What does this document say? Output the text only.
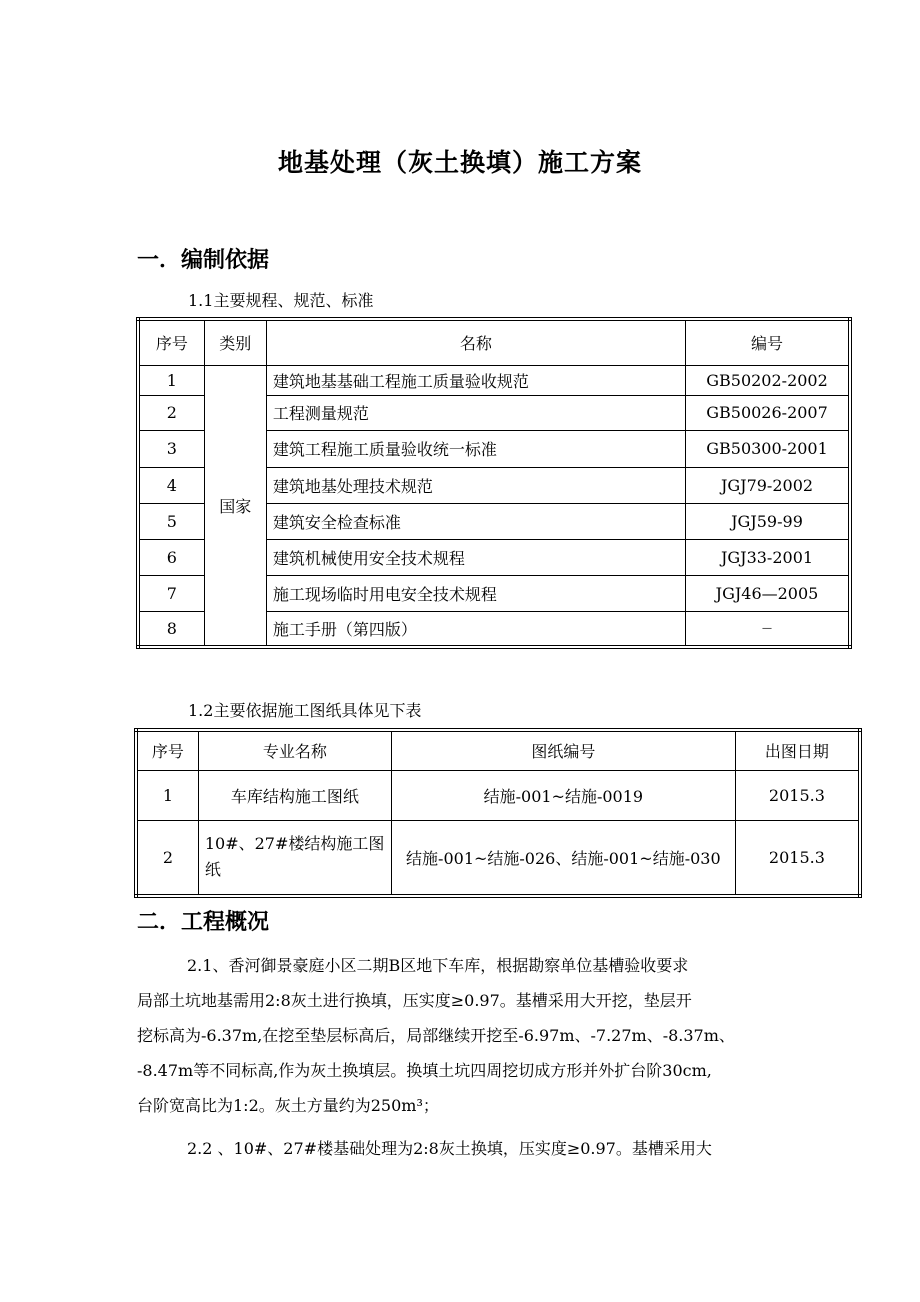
地基处理（灰土换填）施工方案
一．编制依据
1.1主要规程、规范、标准
序号	类别	名称	编号
1	国家	建筑地基基础工程施工质量验收规范	GB50202-2002
2		工程测量规范	GB50026-2007
3		建筑工程施工质量验收统一标准	GB50300-2001
4		建筑地基处理技术规范	JGJ79-2002
5		建筑安全检查标准	JGJ59-99
6		建筑机械使用安全技术规程	JGJ33-2001
7		施工现场临时用电安全技术规程	JGJ46—2005
8		施工手册（第四版）	—
1.2主要依据施工图纸具体见下表
序号	专业名称	图纸编号	出图日期
1	车库结构施工图纸	结施-001~结施-0019	2015.3
2	10#、27#楼结构施工图纸	结施-001~结施-026、结施-001~结施-030	2015.3
二．工程概况

2.1、香河御景豪庭小区二期B区地下车库，根据勘察单位基槽验收要求

局部土坑地基需用2:8灰土进行换填，压实度≥0.97。基槽采用大开挖，垫层开

挖标高为-6.37m,在挖至垫层标高后，局部继续开挖至-6.97m、-7.27m、-8.37m、

-8.47m等不同标高,作为灰土换填层。换填土坑四周挖切成方形并外扩台阶30cm,

台阶宽高比为1:2。灰土方量约为250m³；

2.2 、10#、27#楼基础处理为2:8灰土换填，压实度≥0.97。基槽采用大
